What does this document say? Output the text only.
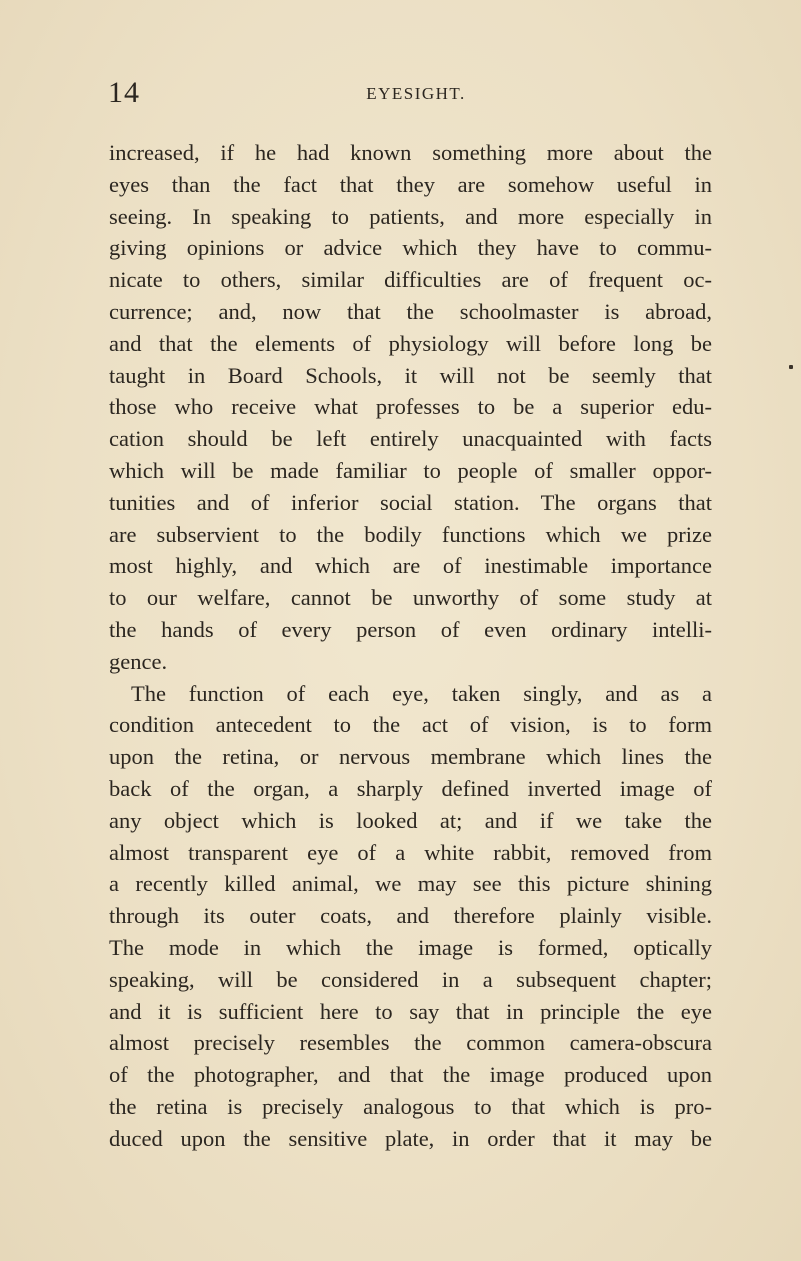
14	EYESIGHT.
increased, if he had known something more about the
eyes than the fact that they are somehow useful in
seeing. In speaking to patients, and more especially in
giving opinions or advice which they have to commu-
nicate to others, similar difficulties are of frequent oc-
currence; and, now that the schoolmaster is abroad,
and that the elements of physiology will before long be
taught in Board Schools, it will not be seemly that
those who receive what professes to be a superior edu-
cation should be left entirely unacquainted with facts
which will be made familiar to people of smaller oppor-
tunities and of inferior social station. The organs that
are subservient to the bodily functions which we prize
most highly, and which are of inestimable importance
to our welfare, cannot be unworthy of some study at
the hands of every person of even ordinary intelli-
gence.
The function of each eye, taken singly, and as a
condition antecedent to the act of vision, is to form
upon the retina, or nervous membrane which lines the
back of the organ, a sharply defined inverted image of
any object which is looked at; and if we take the
almost transparent eye of a white rabbit, removed from
a recently killed animal, we may see this picture shining
through its outer coats, and therefore plainly visible.
The mode in which the image is formed, optically
speaking, will be considered in a subsequent chapter;
and it is sufficient here to say that in principle the eye
almost precisely resembles the common camera-obscura
of the photographer, and that the image produced upon
the retina is precisely analogous to that which is pro-
duced upon the sensitive plate, in order that it may be
